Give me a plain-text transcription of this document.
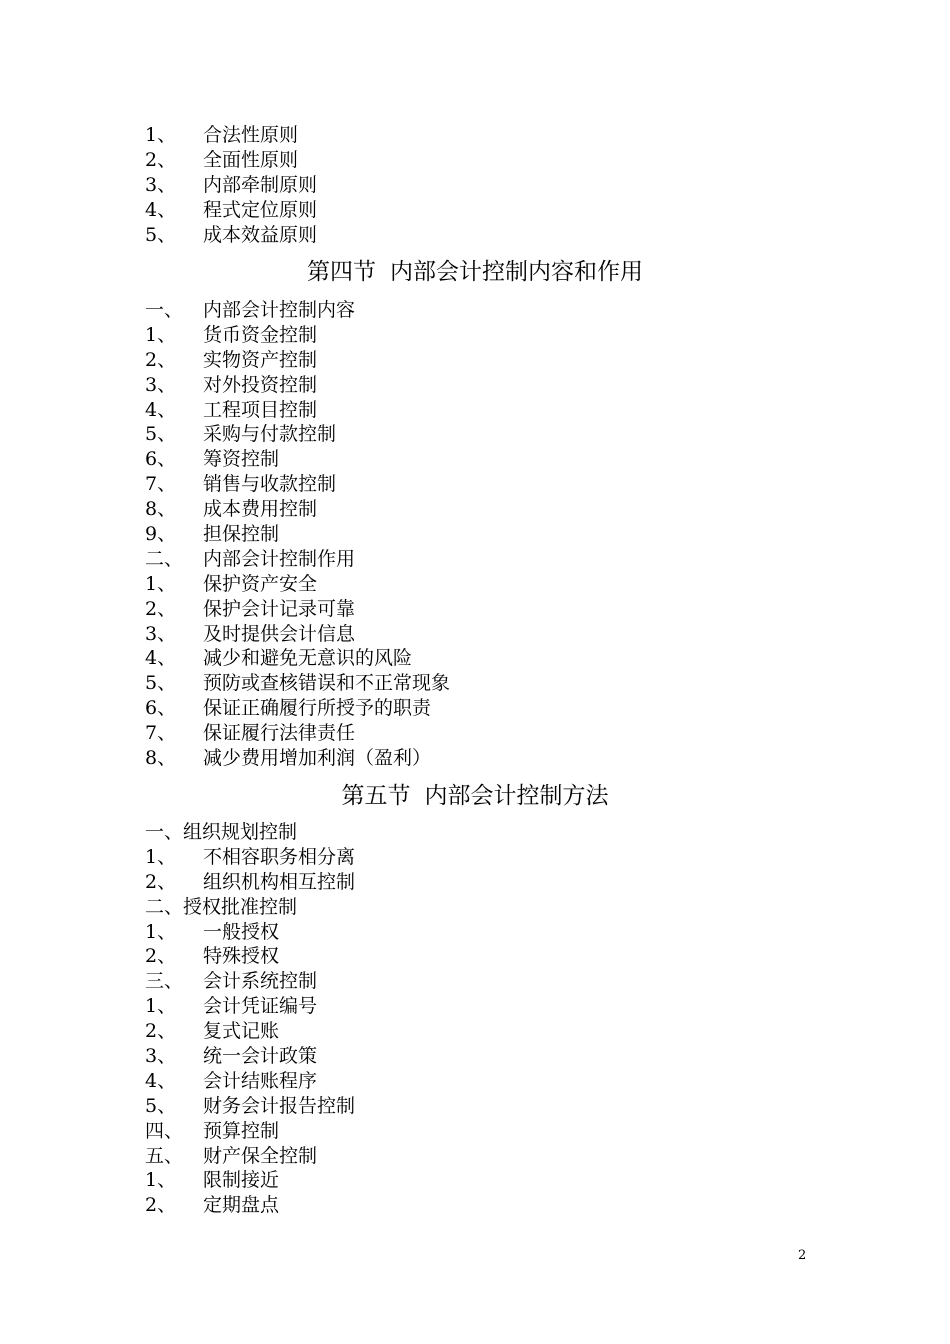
1、 合法性原则
2、 全面性原则
3、 内部牵制原则
4、 程式定位原则
5、 成本效益原则
第四节 内部会计控制内容和作用
一、 内部会计控制内容
1、 货币资金控制
2、 实物资产控制
3、 对外投资控制
4、 工程项目控制
5、 采购与付款控制
6、 筹资控制
7、 销售与收款控制
8、 成本费用控制
9、 担保控制
二、 内部会计控制作用
1、 保护资产安全
2、 保护会计记录可靠
3、 及时提供会计信息
4、 减少和避免无意识的风险
5、 预防或查核错误和不正常现象
6、 保证正确履行所授予的职责
7、 保证履行法律责任
8、 减少费用增加利润（盈利）
第五节 内部会计控制方法
一、组织规划控制
1、 不相容职务相分离
2、 组织机构相互控制
二、授权批准控制
1、 一般授权
2、 特殊授权
三、 会计系统控制
1、 会计凭证编号
2、 复式记账
3、 统一会计政策
4、 会计结账程序
5、 财务会计报告控制
四、 预算控制
五、 财产保全控制
1、 限制接近
2、 定期盘点
2
